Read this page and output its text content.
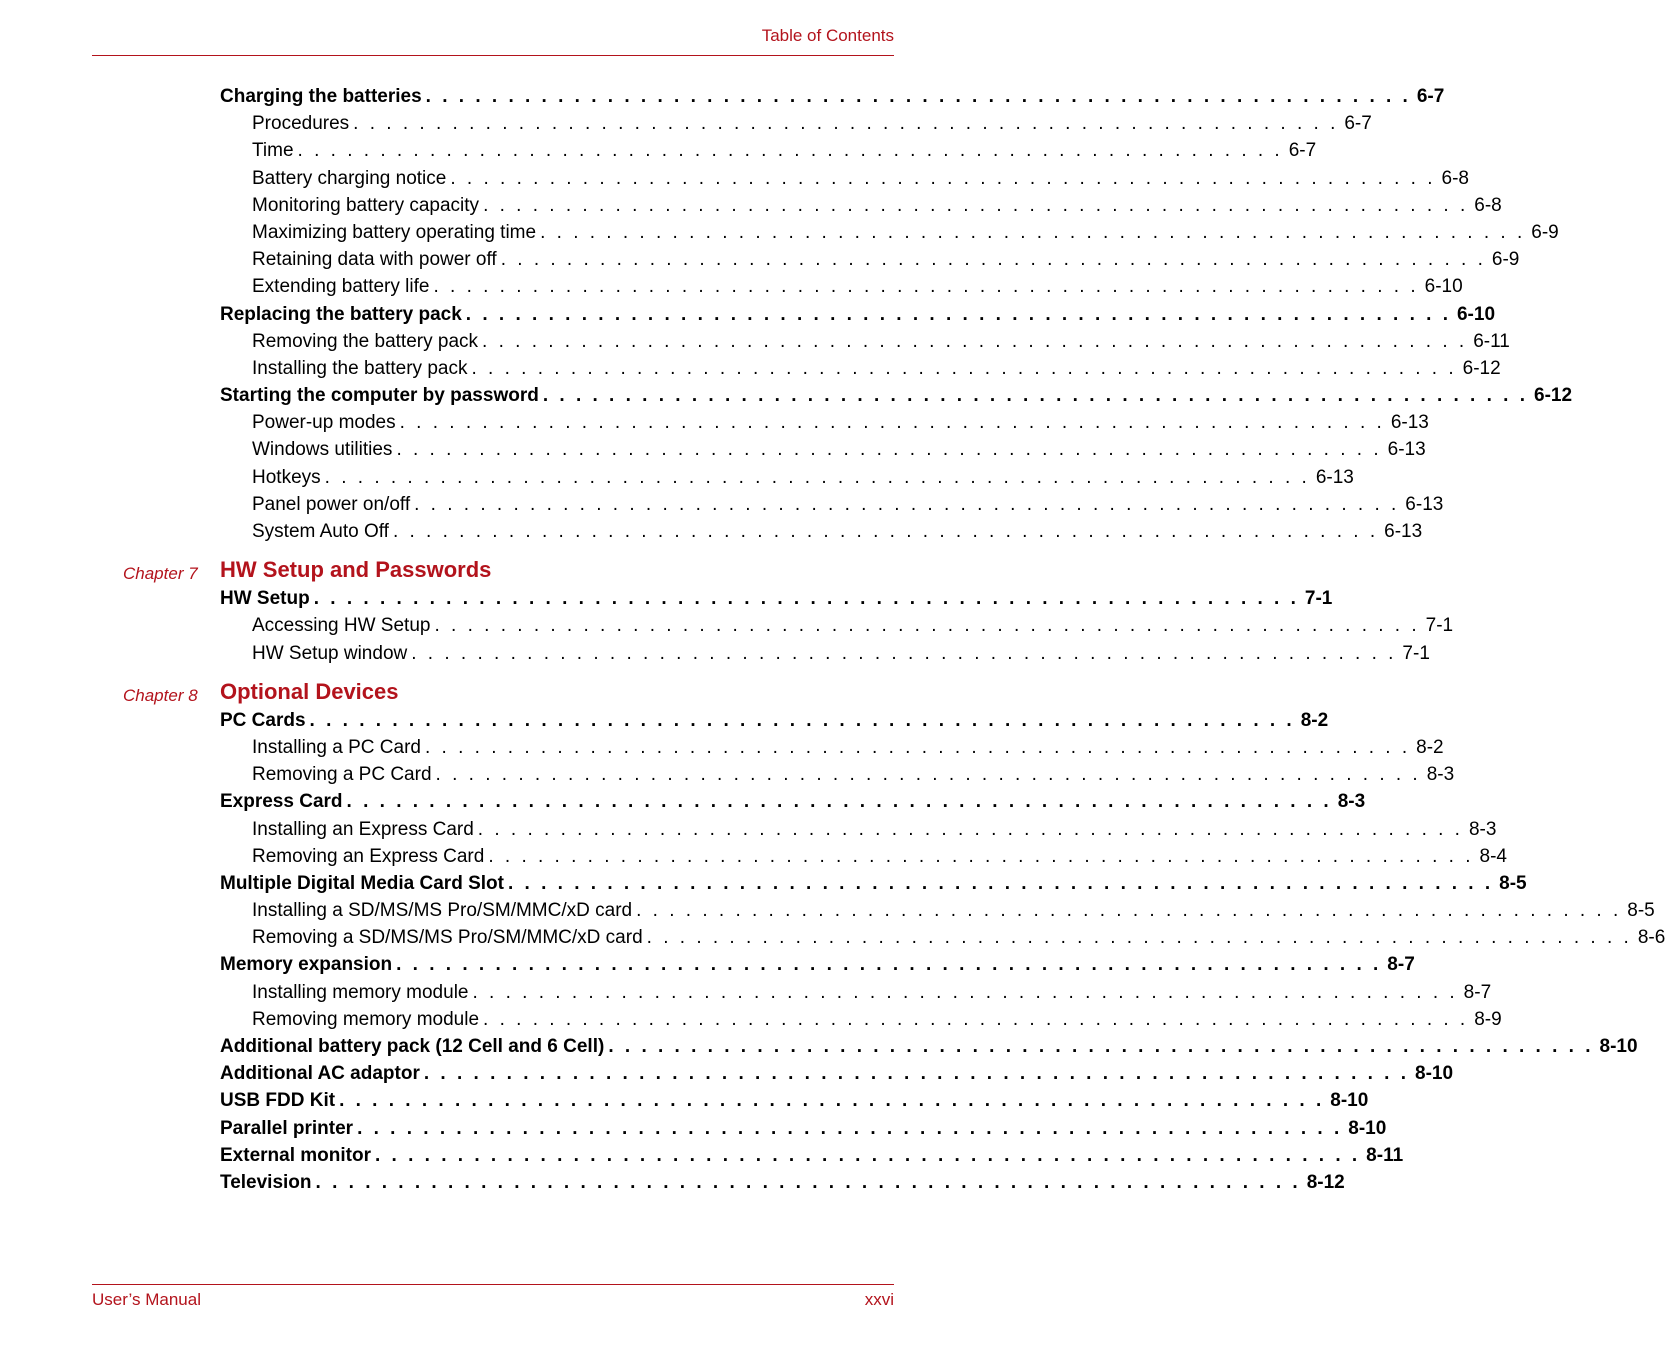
Table of Contents
Charging the batteries . . . . . . . . . . . . . . . . . . . . . . . . . . . . . . . . . . . . . . . . . . . . . . . . . . . . . . . . . . . . 6-7
Procedures . . . . . . . . . . . . . . . . . . . . . . . . . . . . . . . . . . . . . . . . . . . . . . . . . . . . . . . . . . . . 6-7
Time . . . . . . . . . . . . . . . . . . . . . . . . . . . . . . . . . . . . . . . . . . . . . . . . . . . . . . . . . . . . 6-7
Battery charging notice . . . . . . . . . . . . . . . . . . . . . . . . . . . . . . . . . . . . . . . . . . . . . . . . . . . . . . . . . . . . 6-8
Monitoring battery capacity . . . . . . . . . . . . . . . . . . . . . . . . . . . . . . . . . . . . . . . . . . . . . . . . . . . . . . . . . . . . 6-8
Maximizing battery operating time . . . . . . . . . . . . . . . . . . . . . . . . . . . . . . . . . . . . . . . . . . . . . . . . . . . . . . . . . . . . 6-9
Retaining data with power off . . . . . . . . . . . . . . . . . . . . . . . . . . . . . . . . . . . . . . . . . . . . . . . . . . . . . . . . . . . . 6-9
Extending battery life . . . . . . . . . . . . . . . . . . . . . . . . . . . . . . . . . . . . . . . . . . . . . . . . . . . . . . . . . . . . 6-10
Replacing the battery pack . . . . . . . . . . . . . . . . . . . . . . . . . . . . . . . . . . . . . . . . . . . . . . . . . . . . . . . . . . . . 6-10
Removing the battery pack . . . . . . . . . . . . . . . . . . . . . . . . . . . . . . . . . . . . . . . . . . . . . . . . . . . . . . . . . . . . 6-11
Installing the battery pack . . . . . . . . . . . . . . . . . . . . . . . . . . . . . . . . . . . . . . . . . . . . . . . . . . . . . . . . . . . . 6-12
Starting the computer by password . . . . . . . . . . . . . . . . . . . . . . . . . . . . . . . . . . . . . . . . . . . . . . . . . . . . . . . . . . . . 6-12
Power-up modes . . . . . . . . . . . . . . . . . . . . . . . . . . . . . . . . . . . . . . . . . . . . . . . . . . . . . . . . . . . . 6-13
Windows utilities . . . . . . . . . . . . . . . . . . . . . . . . . . . . . . . . . . . . . . . . . . . . . . . . . . . . . . . . . . . . 6-13
Hotkeys . . . . . . . . . . . . . . . . . . . . . . . . . . . . . . . . . . . . . . . . . . . . . . . . . . . . . . . . . . . . 6-13
Panel power on/off . . . . . . . . . . . . . . . . . . . . . . . . . . . . . . . . . . . . . . . . . . . . . . . . . . . . . . . . . . . . 6-13
System Auto Off . . . . . . . . . . . . . . . . . . . . . . . . . . . . . . . . . . . . . . . . . . . . . . . . . . . . . . . . . . . . 6-13
Chapter 7 HW Setup and Passwords
HW Setup . . . . . . . . . . . . . . . . . . . . . . . . . . . . . . . . . . . . . . . . . . . . . . . . . . . . . . . . . . . . 7-1
Accessing HW Setup . . . . . . . . . . . . . . . . . . . . . . . . . . . . . . . . . . . . . . . . . . . . . . . . . . . . . . . . . . . . 7-1
HW Setup window . . . . . . . . . . . . . . . . . . . . . . . . . . . . . . . . . . . . . . . . . . . . . . . . . . . . . . . . . . . . 7-1
Chapter 8 Optional Devices
PC Cards . . . . . . . . . . . . . . . . . . . . . . . . . . . . . . . . . . . . . . . . . . . . . . . . . . . . . . . . . . . . 8-2
Installing a PC Card . . . . . . . . . . . . . . . . . . . . . . . . . . . . . . . . . . . . . . . . . . . . . . . . . . . . . . . . . . . . 8-2
Removing a PC Card . . . . . . . . . . . . . . . . . . . . . . . . . . . . . . . . . . . . . . . . . . . . . . . . . . . . . . . . . . . . 8-3
Express Card . . . . . . . . . . . . . . . . . . . . . . . . . . . . . . . . . . . . . . . . . . . . . . . . . . . . . . . . . . . . 8-3
Installing an Express Card . . . . . . . . . . . . . . . . . . . . . . . . . . . . . . . . . . . . . . . . . . . . . . . . . . . . . . . . . . . . 8-3
Removing an Express Card . . . . . . . . . . . . . . . . . . . . . . . . . . . . . . . . . . . . . . . . . . . . . . . . . . . . . . . . . . . . 8-4
Multiple Digital Media Card Slot . . . . . . . . . . . . . . . . . . . . . . . . . . . . . . . . . . . . . . . . . . . . . . . . . . . . . . . . . . . . 8-5
Installing a SD/MS/MS Pro/SM/MMC/xD card . . . . . . . . . . . . . . . . . . . . . . . . . . . . . . . . . . . . . . . . . . . . . . . . . . . . . . . . . . . . 8-5
Removing a SD/MS/MS Pro/SM/MMC/xD card . . . . . . . . . . . . . . . . . . . . . . . . . . . . . . . . . . . . . . . . . . . . . . . . . . . . . . . . . . . . 8-6
Memory expansion . . . . . . . . . . . . . . . . . . . . . . . . . . . . . . . . . . . . . . . . . . . . . . . . . . . . . . . . . . . . 8-7
Installing memory module . . . . . . . . . . . . . . . . . . . . . . . . . . . . . . . . . . . . . . . . . . . . . . . . . . . . . . . . . . . . 8-7
Removing memory module . . . . . . . . . . . . . . . . . . . . . . . . . . . . . . . . . . . . . . . . . . . . . . . . . . . . . . . . . . . . 8-9
Additional battery pack (12 Cell and 6 Cell) . . . . . . . . . . . . . . . . . . . . . . . . . . . . . . . . . . . . . . . . . . . . . . . . . . . . . . . . . . . . 8-10
Additional AC adaptor . . . . . . . . . . . . . . . . . . . . . . . . . . . . . . . . . . . . . . . . . . . . . . . . . . . . . . . . . . . . 8-10
USB FDD Kit . . . . . . . . . . . . . . . . . . . . . . . . . . . . . . . . . . . . . . . . . . . . . . . . . . . . . . . . . . . . 8-10
Parallel printer . . . . . . . . . . . . . . . . . . . . . . . . . . . . . . . . . . . . . . . . . . . . . . . . . . . . . . . . . . . . 8-10
External monitor . . . . . . . . . . . . . . . . . . . . . . . . . . . . . . . . . . . . . . . . . . . . . . . . . . . . . . . . . . . . 8-11
Television . . . . . . . . . . . . . . . . . . . . . . . . . . . . . . . . . . . . . . . . . . . . . . . . . . . . . . . . . . . . 8-12
User’s Manual	xxvi
